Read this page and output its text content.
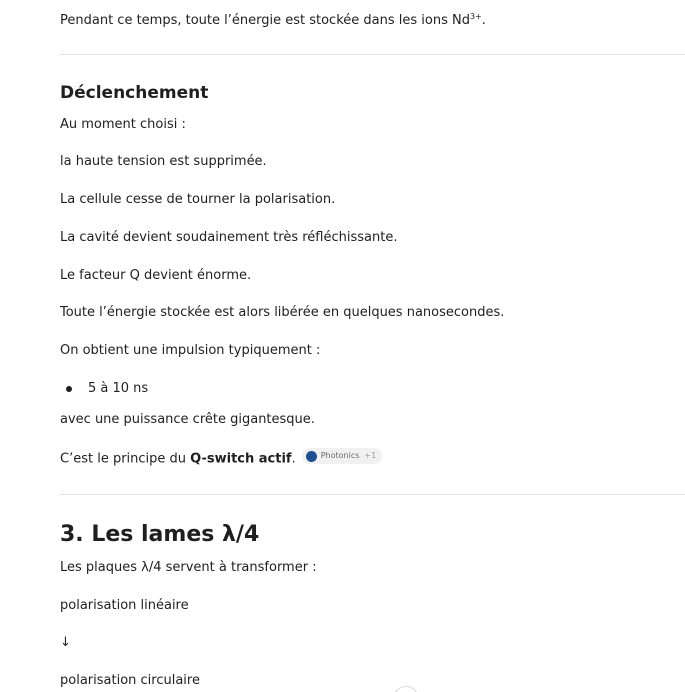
Pendant ce temps, toute l’énergie est stockée dans les ions $Nd^{3+}$.

Déclenchement

Au moment choisi :

la haute tension est supprimée.

La cellule cesse de tourner la polarisation.

La cavité devient soudainement très réfléchissante.

Le facteur Q devient énorme.

Toute l’énergie stockée est alors libérée en quelques nanosecondes.

On obtient une impulsion typiquement :

5 à 10 ns

avec une puissance crête gigantesque.

C’est le principe du Q-switch actif.	Photonics +1

3. Les lames λ/4

Les plaques λ/4 servent à transformer :

polarisation linéaire

↓

polarisation circulaire
